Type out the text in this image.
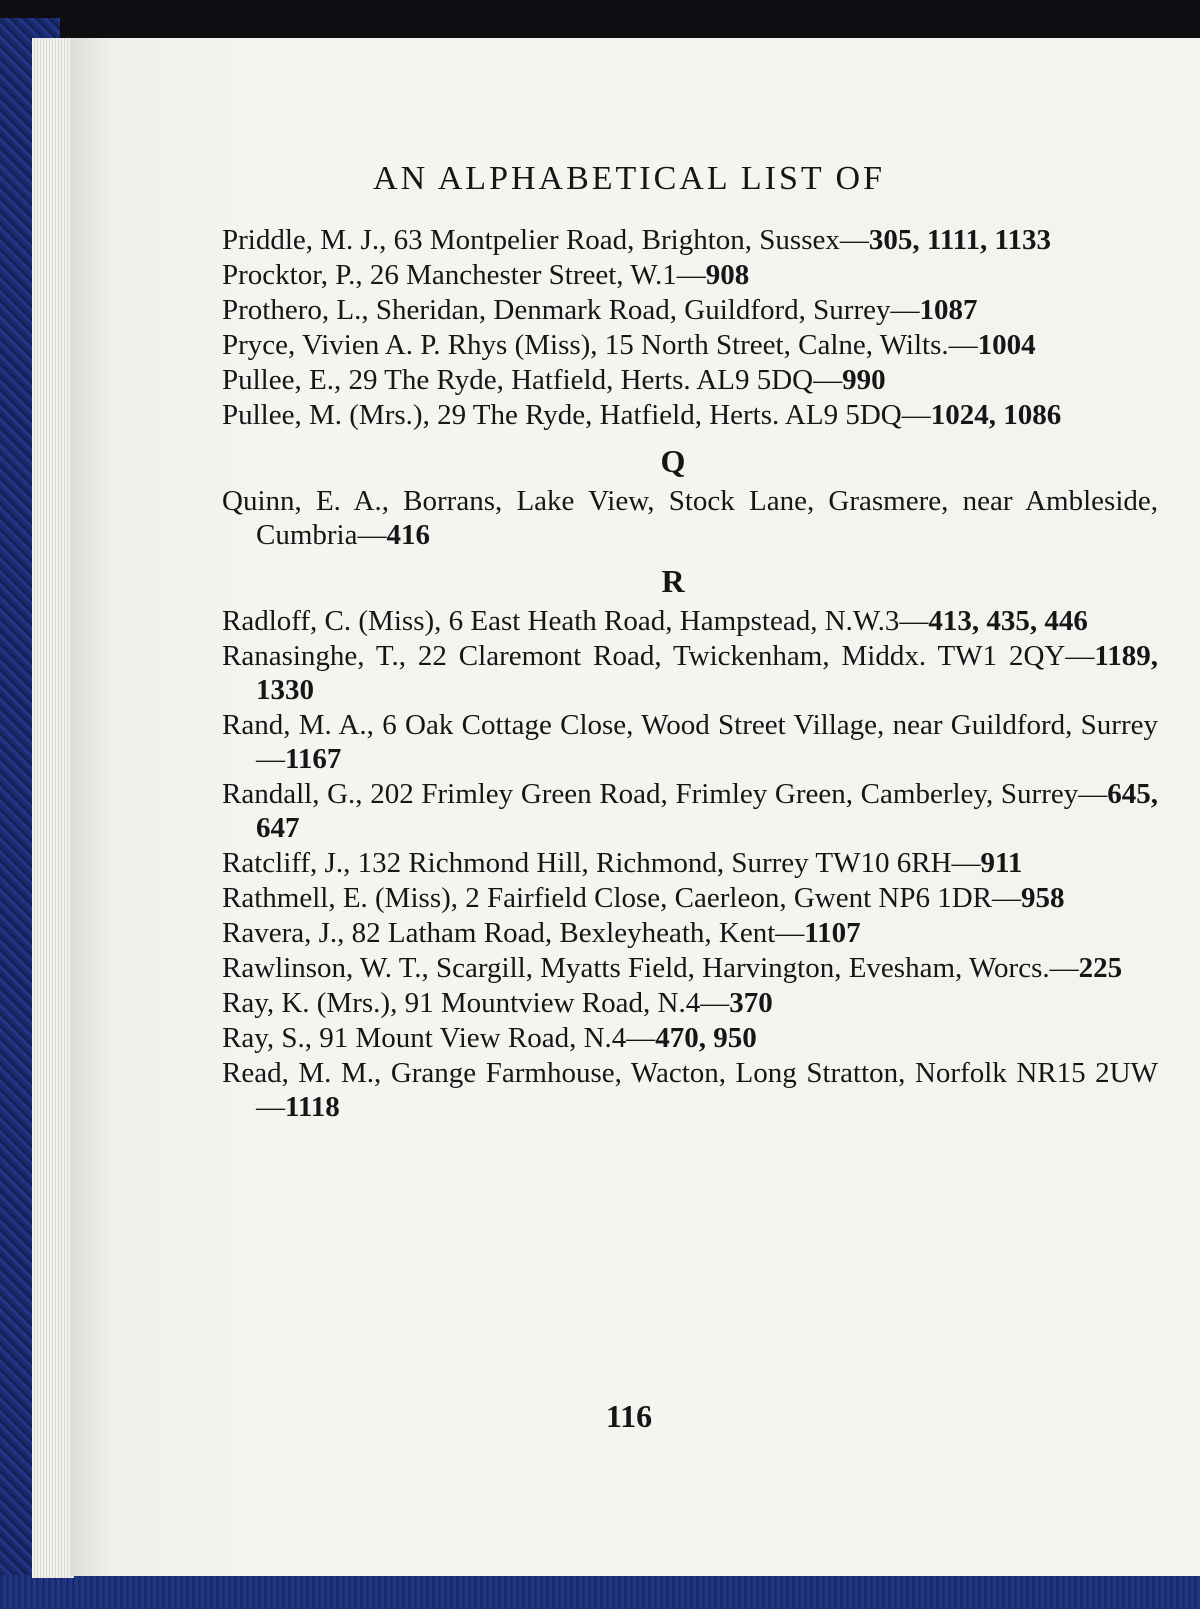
AN ALPHABETICAL LIST OF
Priddle, M. J., 63 Montpelier Road, Brighton, Sussex—305, 1111, 1133
Procktor, P., 26 Manchester Street, W.1—908
Prothero, L., Sheridan, Denmark Road, Guildford, Surrey—1087
Pryce, Vivien A. P. Rhys (Miss), 15 North Street, Calne, Wilts.—1004
Pullee, E., 29 The Ryde, Hatfield, Herts. AL9 5DQ—990
Pullee, M. (Mrs.), 29 The Ryde, Hatfield, Herts. AL9 5DQ—1024, 1086
Q
Quinn, E. A., Borrans, Lake View, Stock Lane, Grasmere, near Ambleside, Cumbria—416
R
Radloff, C. (Miss), 6 East Heath Road, Hampstead, N.W.3—413, 435, 446
Ranasinghe, T., 22 Claremont Road, Twickenham, Middx. TW1 2QY—1189, 1330
Rand, M. A., 6 Oak Cottage Close, Wood Street Village, near Guildford, Surrey—1167
Randall, G., 202 Frimley Green Road, Frimley Green, Camberley, Surrey—645, 647
Ratcliff, J., 132 Richmond Hill, Richmond, Surrey TW10 6RH—911
Rathmell, E. (Miss), 2 Fairfield Close, Caerleon, Gwent NP6 1DR—958
Ravera, J., 82 Latham Road, Bexleyheath, Kent—1107
Rawlinson, W. T., Scargill, Myatts Field, Harvington, Evesham, Worcs.—225
Ray, K. (Mrs.), 91 Mountview Road, N.4—370
Ray, S., 91 Mount View Road, N.4—470, 950
Read, M. M., Grange Farmhouse, Wacton, Long Stratton, Norfolk NR15 2UW—1118
116
